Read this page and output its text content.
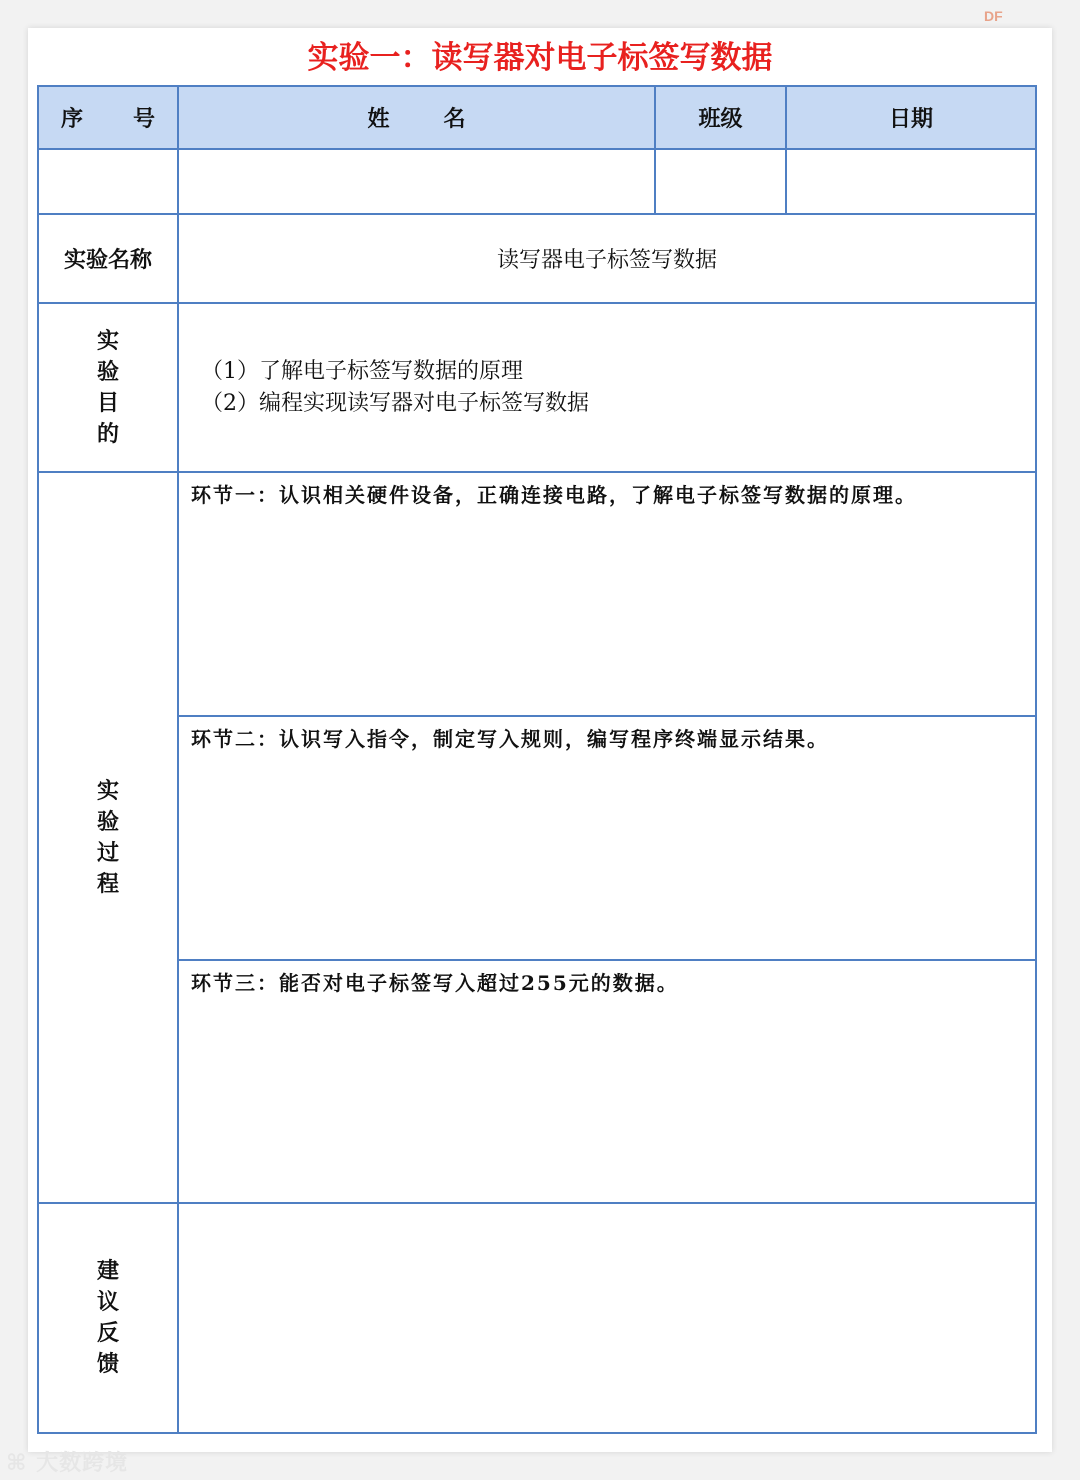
DF
实验一：读写器对电子标签写数据
序 号	姓 名	班级	日期

实验名称	读写器电子标签写数据		

实验目的	（1）了解电子标签写数据的原理
（2）编程实现读写器对电子标签写数据		

实验过程	环节一：认识相关硬件设备，正确连接电路，了解电子标签写数据的原理。		
	环节二：认识写入指令，制定写入规则，编写程序终端显示结果。		
	环节三：能否对电子标签写入超过255元的数据。		

建议反馈			

⌘ 大数跨境
